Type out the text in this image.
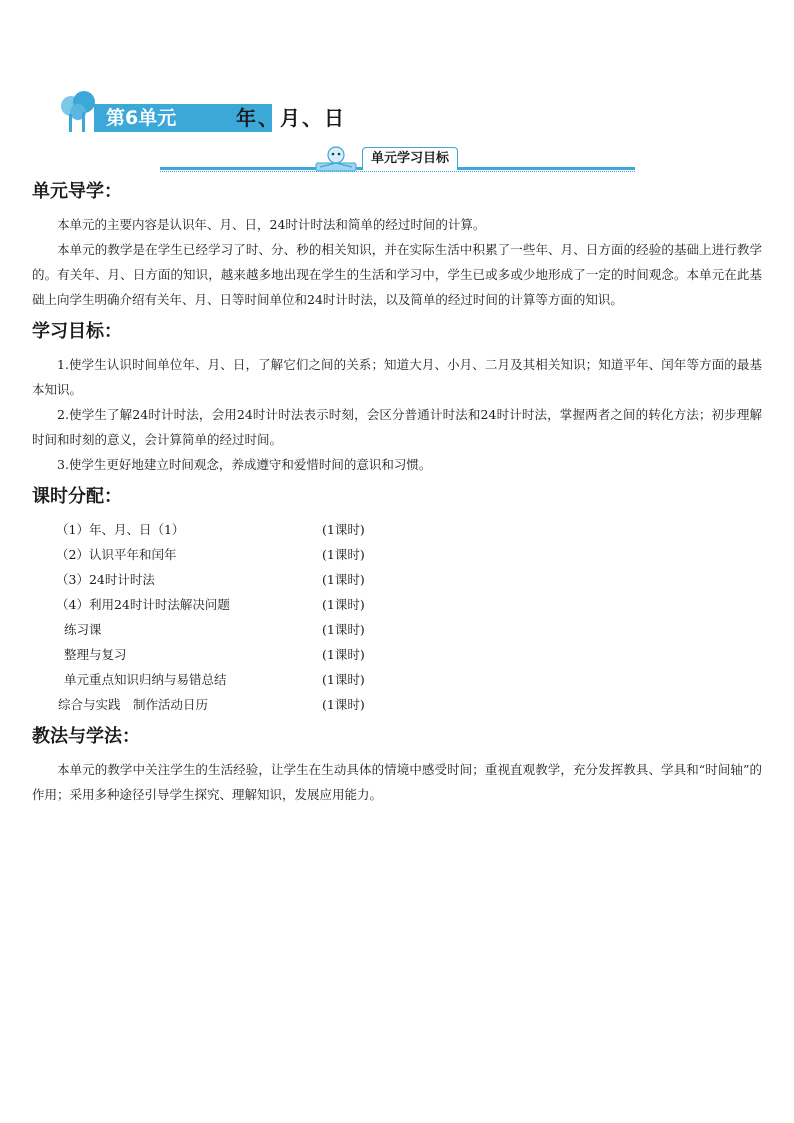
第6单元	年、月、日
单元学习目标
单元导学：

本单元的主要内容是认识年、月、日，24时计时法和简单的经过时间的计算。

本单元的教学是在学生已经学习了时、分、秒的相关知识，并在实际生活中积累了一些年、月、日方面的经验的基础上进行教学的。有关年、月、日方面的知识，越来越多地出现在学生的生活和学习中，学生已或多或少地形成了一定的时间观念。本单元在此基础上向学生明确介绍有关年、月、日等时间单位和24时计时法，以及简单的经过时间的计算等方面的知识。

学习目标：

1.使学生认识时间单位年、月、日，了解它们之间的关系；知道大月、小月、二月及其相关知识；知道平年、闰年等方面的最基本知识。

2.使学生了解24时计时法，会用24时计时法表示时刻，会区分普通计时法和24时计时法，掌握两者之间的转化方法；初步理解时间和时刻的意义，会计算简单的经过时间。

3.使学生更好地建立时间观念，养成遵守和爱惜时间的意识和习惯。

课时分配：
（1）年、月、日（1）	(1课时)
（2）认识平年和闰年	(1课时)
（3）24时计时法	(1课时)
（4）利用24时计时法解决问题	(1课时)
练习课	(1课时)
整理与复习	(1课时)
单元重点知识归纳与易错总结	(1课时)
综合与实践　制作活动日历	(1课时)
教法与学法：

本单元的教学中关注学生的生活经验，让学生在生动具体的情境中感受时间；重视直观教学，充分发挥教具、学具和“时间轴”的作用；采用多种途径引导学生探究、理解知识，发展应用能力。
